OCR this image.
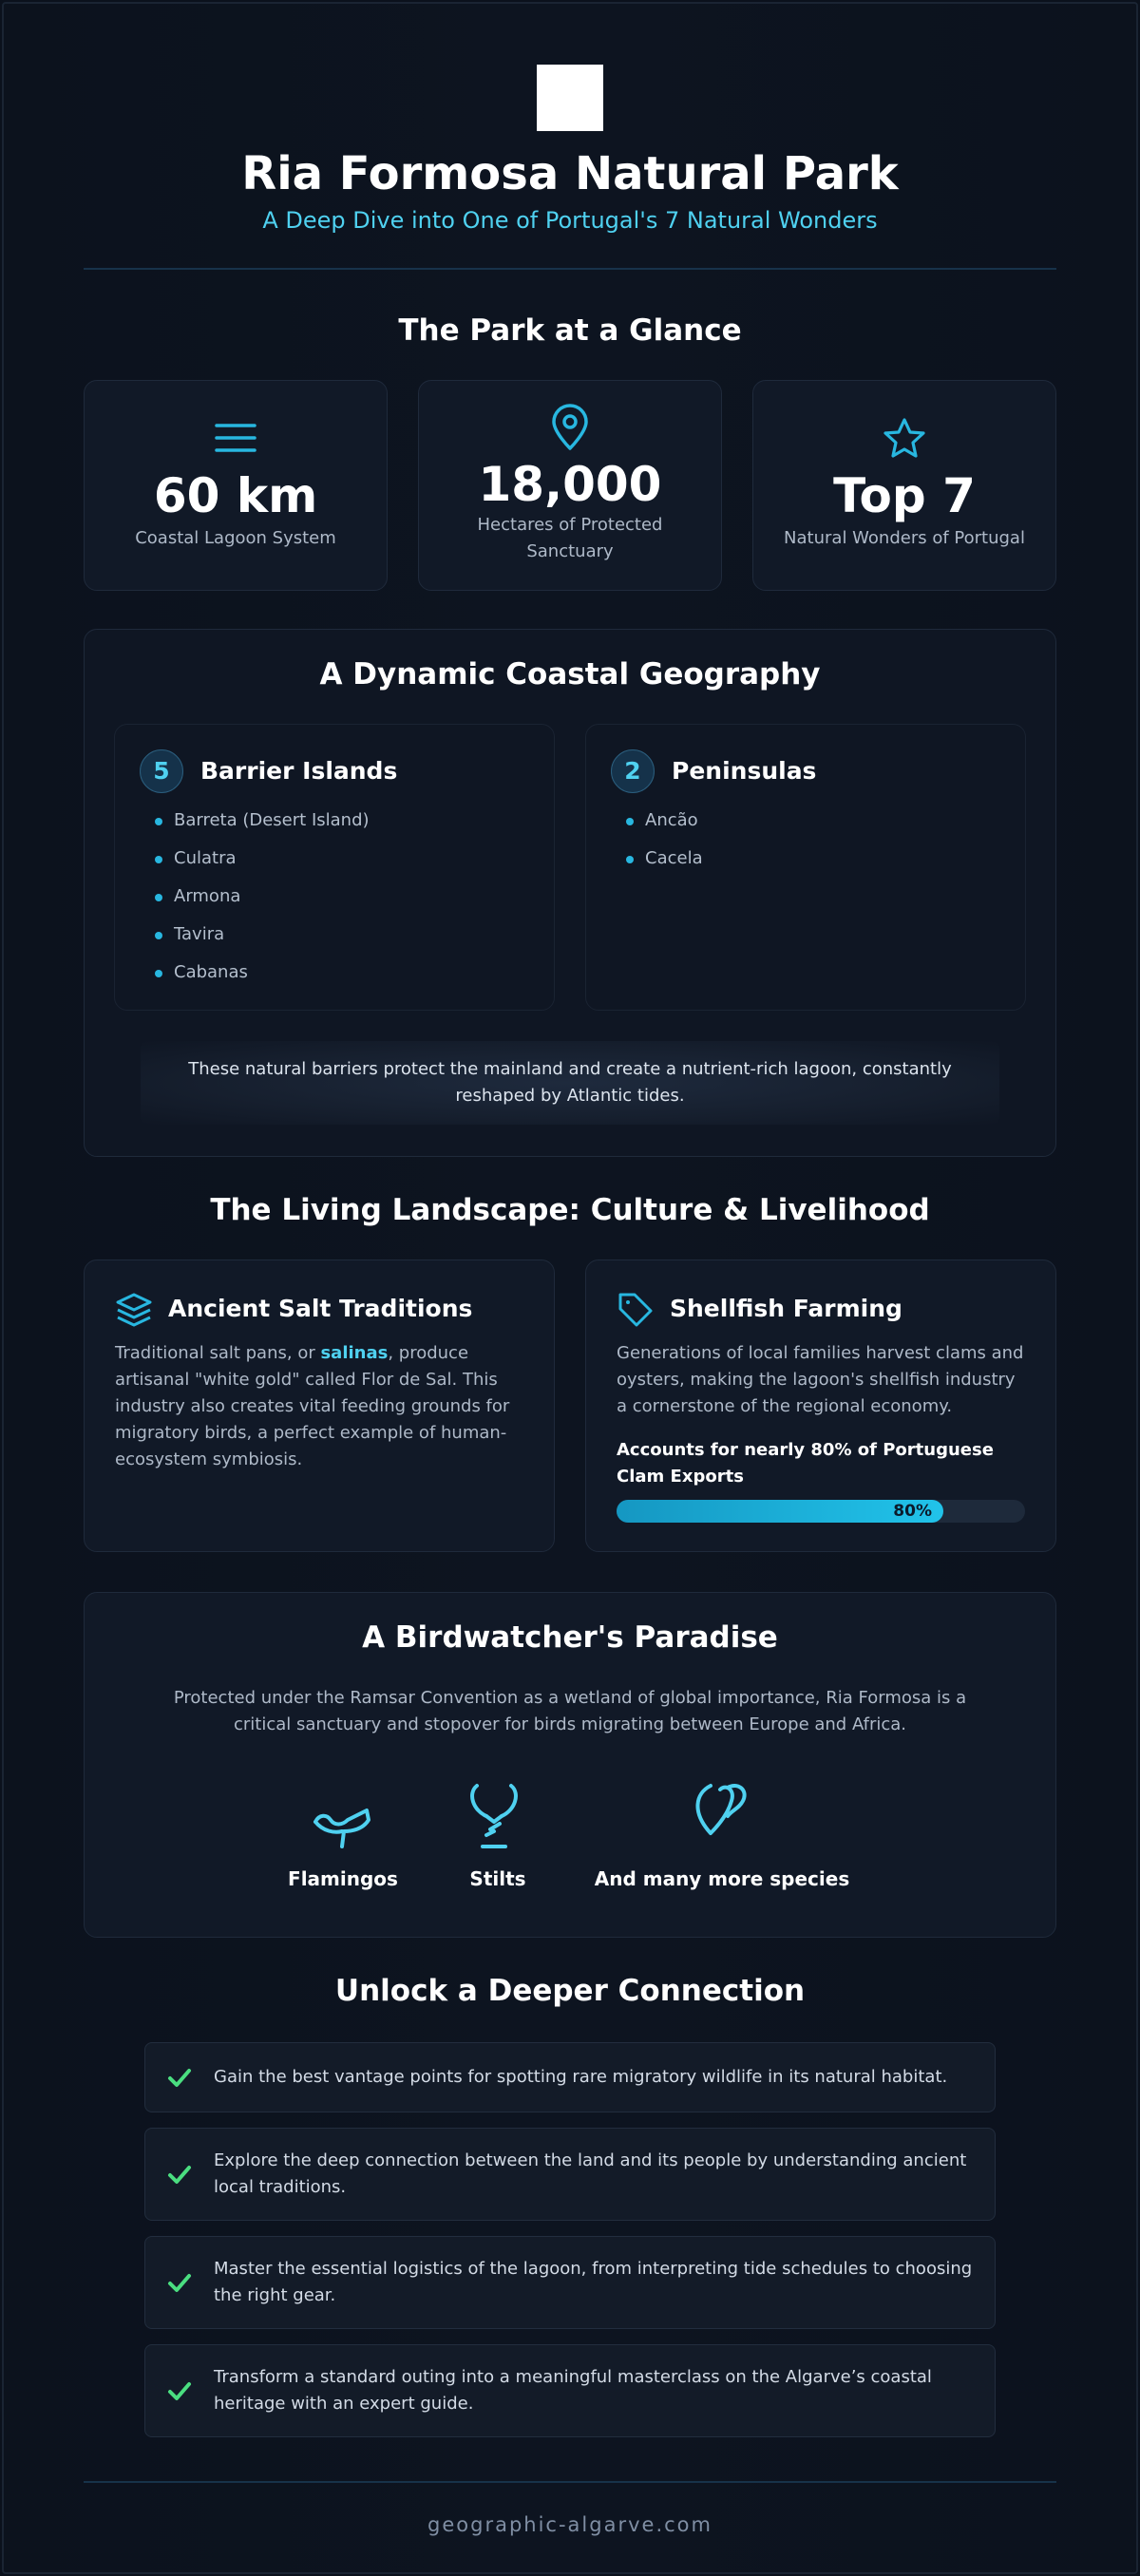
Ria Formosa Natural Park
A Deep Dive into One of Portugal's 7 Natural Wonders
The Park at a Glance
60 km
Coastal Lagoon System
18,000
Hectares of Protected Sanctuary
Top 7
Natural Wonders of Portugal
A Dynamic Coastal Geography
5	Barrier Islands
Barreta (Desert Island)
Culatra
Armona
Tavira
Cabanas
2	Peninsulas
Ancão
Cacela
These natural barriers protect the mainland and create a nutrient-rich lagoon, constantly reshaped by Atlantic tides.
The Living Landscape: Culture & Livelihood
Ancient Salt Traditions
Traditional salt pans, or salinas, produce artisanal "white gold" called Flor de Sal. This industry also creates vital feeding grounds for migratory birds, a perfect example of human-ecosystem symbiosis.
Shellfish Farming
Generations of local families harvest clams and oysters, making the lagoon's shellfish industry a cornerstone of the regional economy.
Accounts for nearly 80% of Portuguese Clam Exports
80%
A Birdwatcher's Paradise
Protected under the Ramsar Convention as a wetland of global importance, Ria Formosa is a critical sanctuary and stopover for birds migrating between Europe and Africa.
Flamingos	Stilts	And many more species
Unlock a Deeper Connection
Gain the best vantage points for spotting rare migratory wildlife in its natural habitat.
Explore the deep connection between the land and its people by understanding ancient local traditions.
Master the essential logistics of the lagoon, from interpreting tide schedules to choosing the right gear.
Transform a standard outing into a meaningful masterclass on the Algarve’s coastal heritage with an expert guide.
geographic-algarve.com
